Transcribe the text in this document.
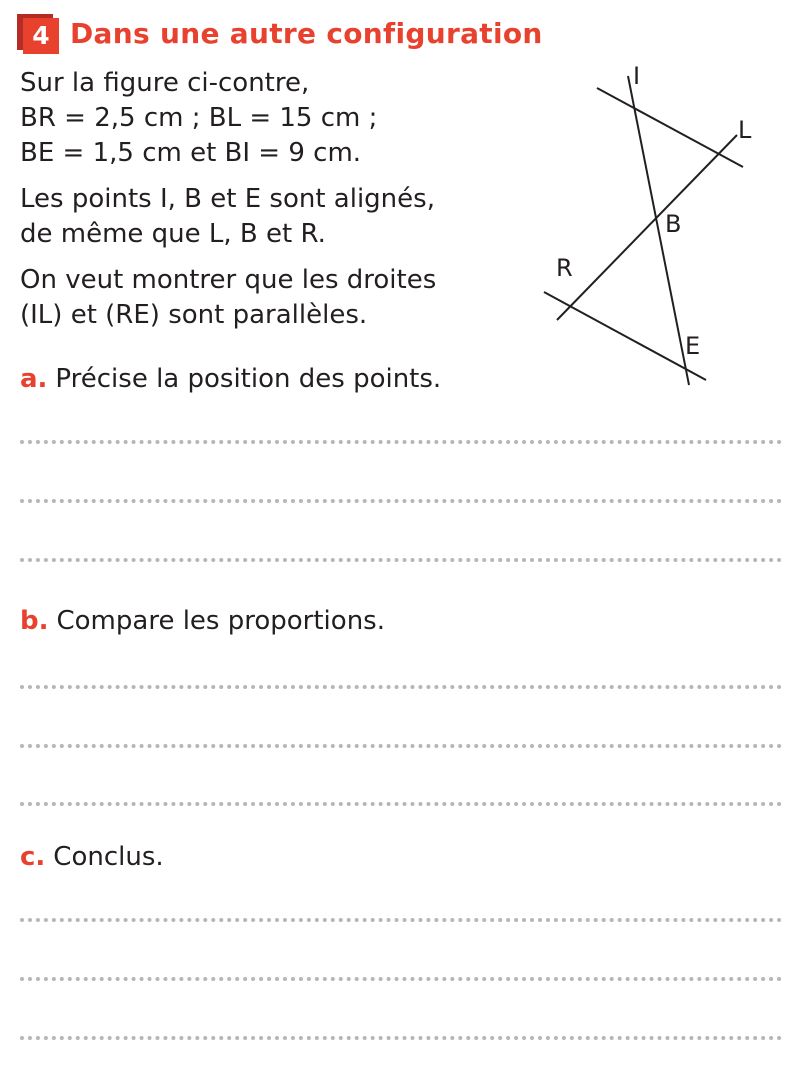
4 Dans une autre configuration

Sur la figure ci-contre,
BR = 2,5 cm ; BL = 15 cm ;
BE = 1,5 cm et BI = 9 cm.

Les points I, B et E sont alignés,
de même que L, B et R.

On veut montrer que les droites
(IL) et (RE) sont parallèles.

I
L
B
R
E
a. Précise la position des points.
b. Compare les proportions.
c. Conclus.
